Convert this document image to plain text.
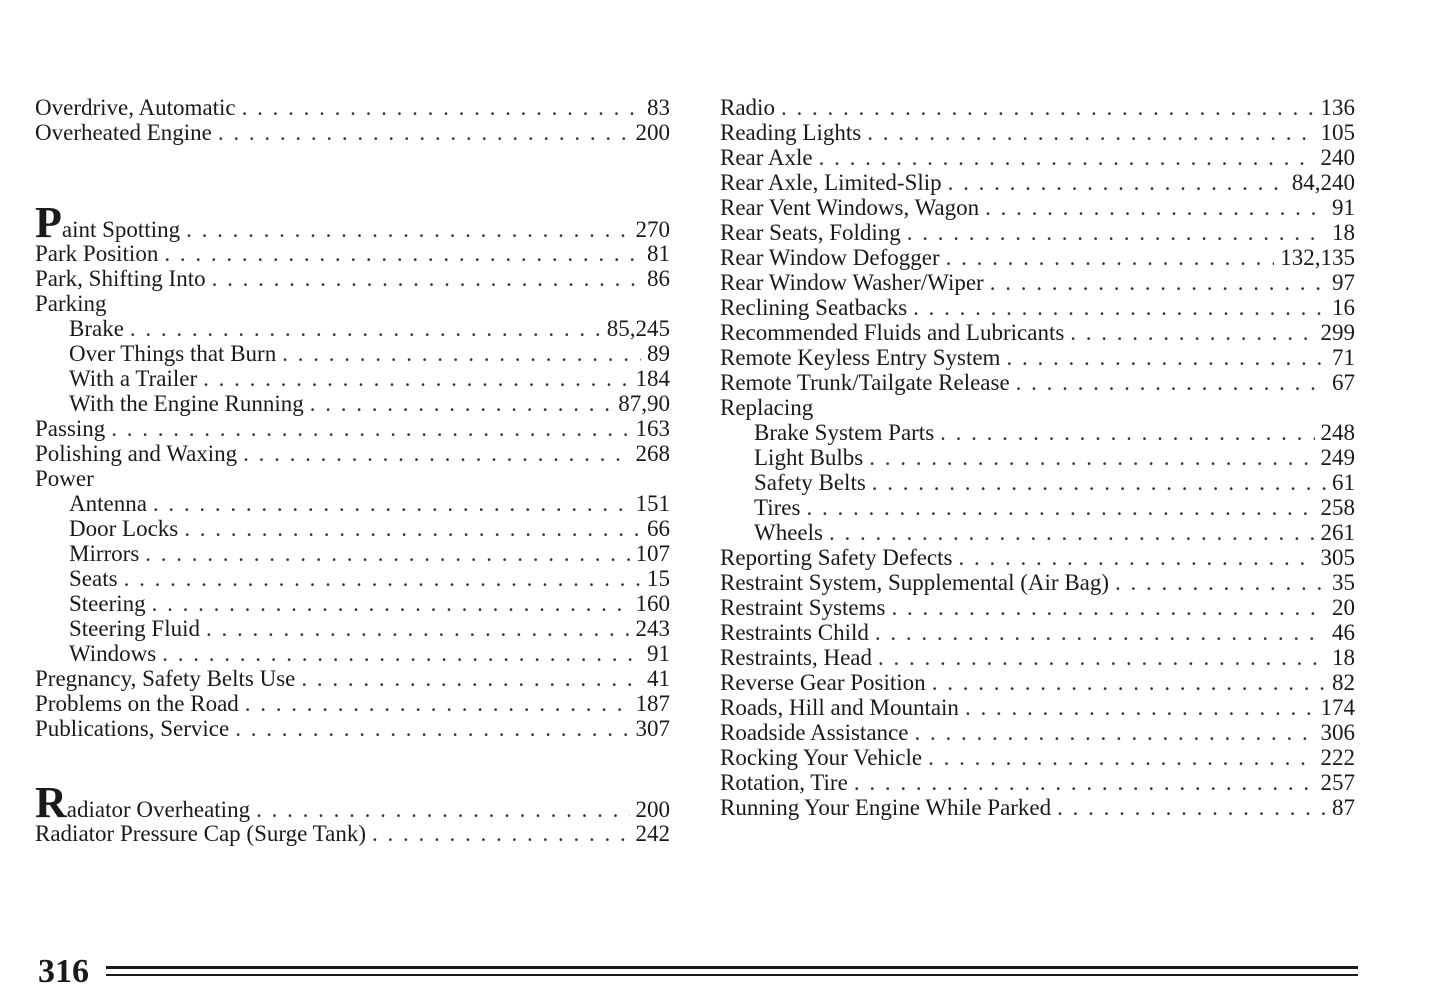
Overdrive, Automatic . . .	83
Overheated Engine . . .	200
Paint Spotting . . .	270
Park Position . . .	81
Park, Shifting Into . . .	86
Parking
Brake . . .	85,245
Over Things that Burn . . .	89
With a Trailer . . .	184
With the Engine Running . . .	87,90
Passing . . .	163
Polishing and Waxing . . .	268
Power
Antenna . . .	151
Door Locks . . .	66
Mirrors . . .	107
Seats . . .	15
Steering . . .	160
Steering Fluid . . .	243
Windows . . .	91
Pregnancy, Safety Belts Use . . .	41
Problems on the Road . . .	187
Publications, Service . . .	307
Radiator Overheating . . .	200
Radiator Pressure Cap (Surge Tank) . . .	242
Radio . . .	136
Reading Lights . . .	105
Rear Axle . . .	240
Rear Axle, Limited-Slip . . .	84,240
Rear Vent Windows, Wagon . . .	91
Rear Seats, Folding . . .	18
Rear Window Defogger . . .	132,135
Rear Window Washer/Wiper . . .	97
Reclining Seatbacks . . .	16
Recommended Fluids and Lubricants . . .	299
Remote Keyless Entry System . . .	71
Remote Trunk/Tailgate Release . . .	67
Replacing
Brake System Parts . . .	248
Light Bulbs . . .	249
Safety Belts . . .	61
Tires . . .	258
Wheels . . .	261
Reporting Safety Defects . . .	305
Restraint System, Supplemental (Air Bag) . . .	35
Restraint Systems . . .	20
Restraints Child . . .	46
Restraints, Head . . .	18
Reverse Gear Position . . .	82
Roads, Hill and Mountain . . .	174
Roadside Assistance . . .	306
Rocking Your Vehicle . . .	222
Rotation, Tire . . .	257
Running Your Engine While Parked . . .	87
316
